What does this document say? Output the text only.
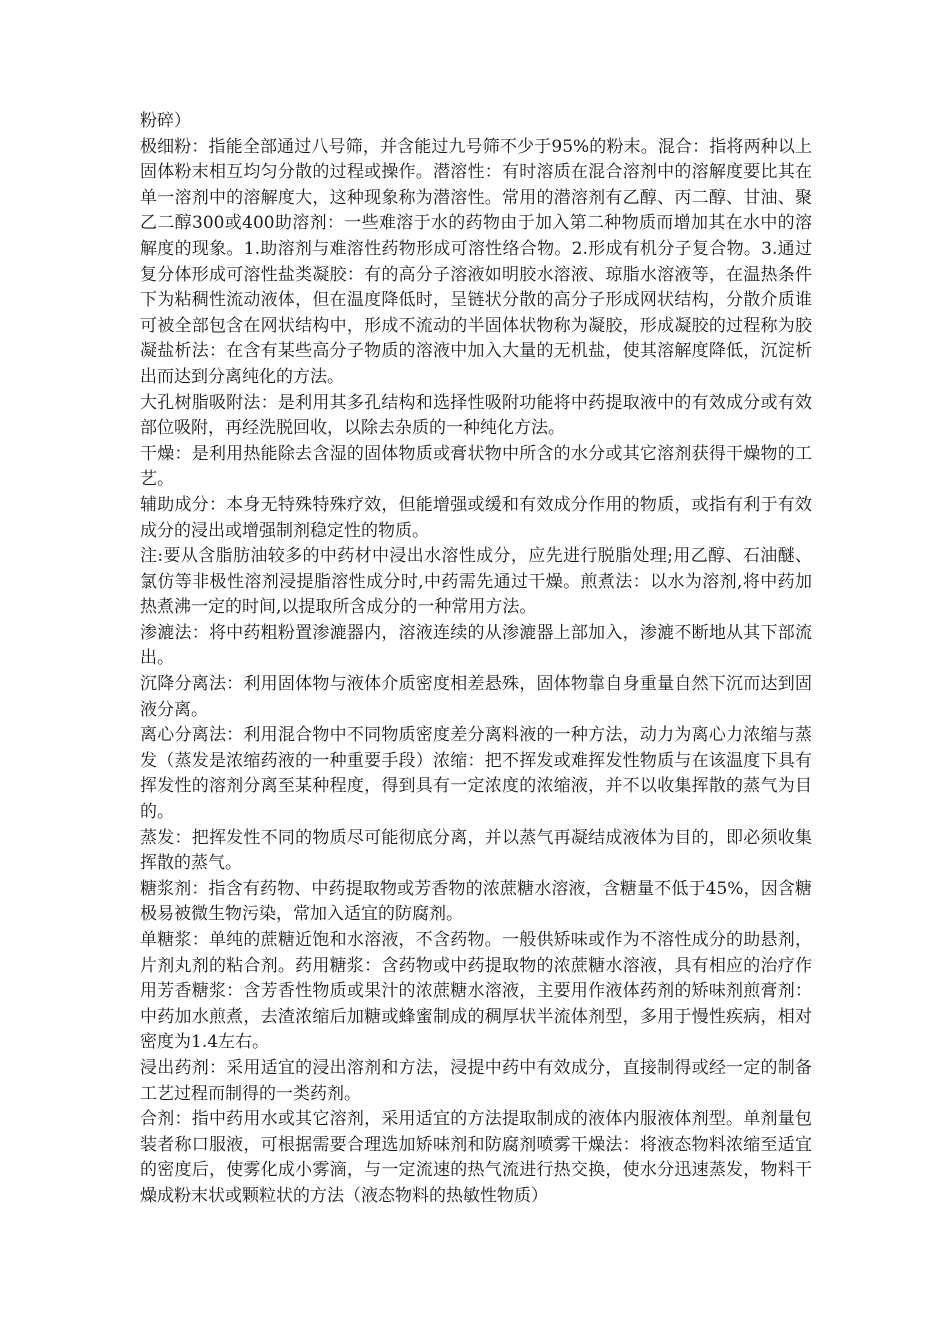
粉碎）

极细粉：指能全部通过八号筛，并含能过九号筛不少于95%的粉末。混合：指将两种以上固体粉末相互均匀分散的过程或操作。潜溶性：有时溶质在混合溶剂中的溶解度要比其在单一溶剂中的溶解度大，这种现象称为潜溶性。常用的潜溶剂有乙醇、丙二醇、甘油、聚乙二醇300或400助溶剂：一些难溶于水的药物由于加入第二种物质而增加其在水中的溶解度的现象。1.助溶剂与难溶性药物形成可溶性络合物。2.形成有机分子复合物。3.通过复分体形成可溶性盐类凝胶：有的高分子溶液如明胶水溶液、琼脂水溶液等，在温热条件下为粘稠性流动液体，但在温度降低时，呈链状分散的高分子形成网状结构，分散介质谁可被全部包含在网状结构中，形成不流动的半固体状物称为凝胶，形成凝胶的过程称为胶凝盐析法：在含有某些高分子物质的溶液中加入大量的无机盐，使其溶解度降低，沉淀析出而达到分离纯化的方法。

大孔树脂吸附法：是利用其多孔结构和选择性吸附功能将中药提取液中的有效成分或有效部位吸附，再经洗脱回收，以除去杂质的一种纯化方法。

干燥：是利用热能除去含湿的固体物质或膏状物中所含的水分或其它溶剂获得干燥物的工艺。

辅助成分：本身无特殊特殊疗效，但能增强或缓和有效成分作用的物质，或指有利于有效成分的浸出或增强制剂稳定性的物质。

注:要从含脂肪油较多的中药材中浸出水溶性成分，应先进行脱脂处理;用乙醇、石油醚、氯仿等非极性溶剂浸提脂溶性成分时,中药需先通过干燥。煎煮法：以水为溶剂,将中药加热煮沸一定的时间,以提取所含成分的一种常用方法。

渗漉法：将中药粗粉置渗漉器内，溶液连续的从渗漉器上部加入，渗漉不断地从其下部流出。

沉降分离法：利用固体物与液体介质密度相差悬殊，固体物靠自身重量自然下沉而达到固液分离。

离心分离法：利用混合物中不同物质密度差分离料液的一种方法，动力为离心力浓缩与蒸发（蒸发是浓缩药液的一种重要手段）浓缩：把不挥发或难挥发性物质与在该温度下具有挥发性的溶剂分离至某种程度，得到具有一定浓度的浓缩液，并不以收集挥散的蒸气为目的。

蒸发：把挥发性不同的物质尽可能彻底分离，并以蒸气再凝结成液体为目的，即必须收集挥散的蒸气。

糖浆剂：指含有药物、中药提取物或芳香物的浓蔗糖水溶液，含糖量不低于45%，因含糖极易被微生物污染，常加入适宜的防腐剂。

单糖浆：单纯的蔗糖近饱和水溶液，不含药物。一般供矫味或作为不溶性成分的助悬剂，片剂丸剂的粘合剂。药用糖浆：含药物或中药提取物的浓蔗糖水溶液，具有相应的治疗作用芳香糖浆：含芳香性物质或果汁的浓蔗糖水溶液，主要用作液体药剂的矫味剂煎膏剂：中药加水煎煮，去渣浓缩后加糖或蜂蜜制成的稠厚状半流体剂型，多用于慢性疾病，相对密度为1.4左右。

浸出药剂：采用适宜的浸出溶剂和方法，浸提中药中有效成分，直接制得或经一定的制备工艺过程而制得的一类药剂。

合剂：指中药用水或其它溶剂，采用适宜的方法提取制成的液体内服液体剂型。单剂量包装者称口服液，可根据需要合理选加矫味剂和防腐剂喷雾干燥法：将液态物料浓缩至适宜的密度后，使雾化成小雾滴，与一定流速的热气流进行热交换，使水分迅速蒸发，物料干燥成粉末状或颗粒状的方法（液态物料的热敏性物质）
